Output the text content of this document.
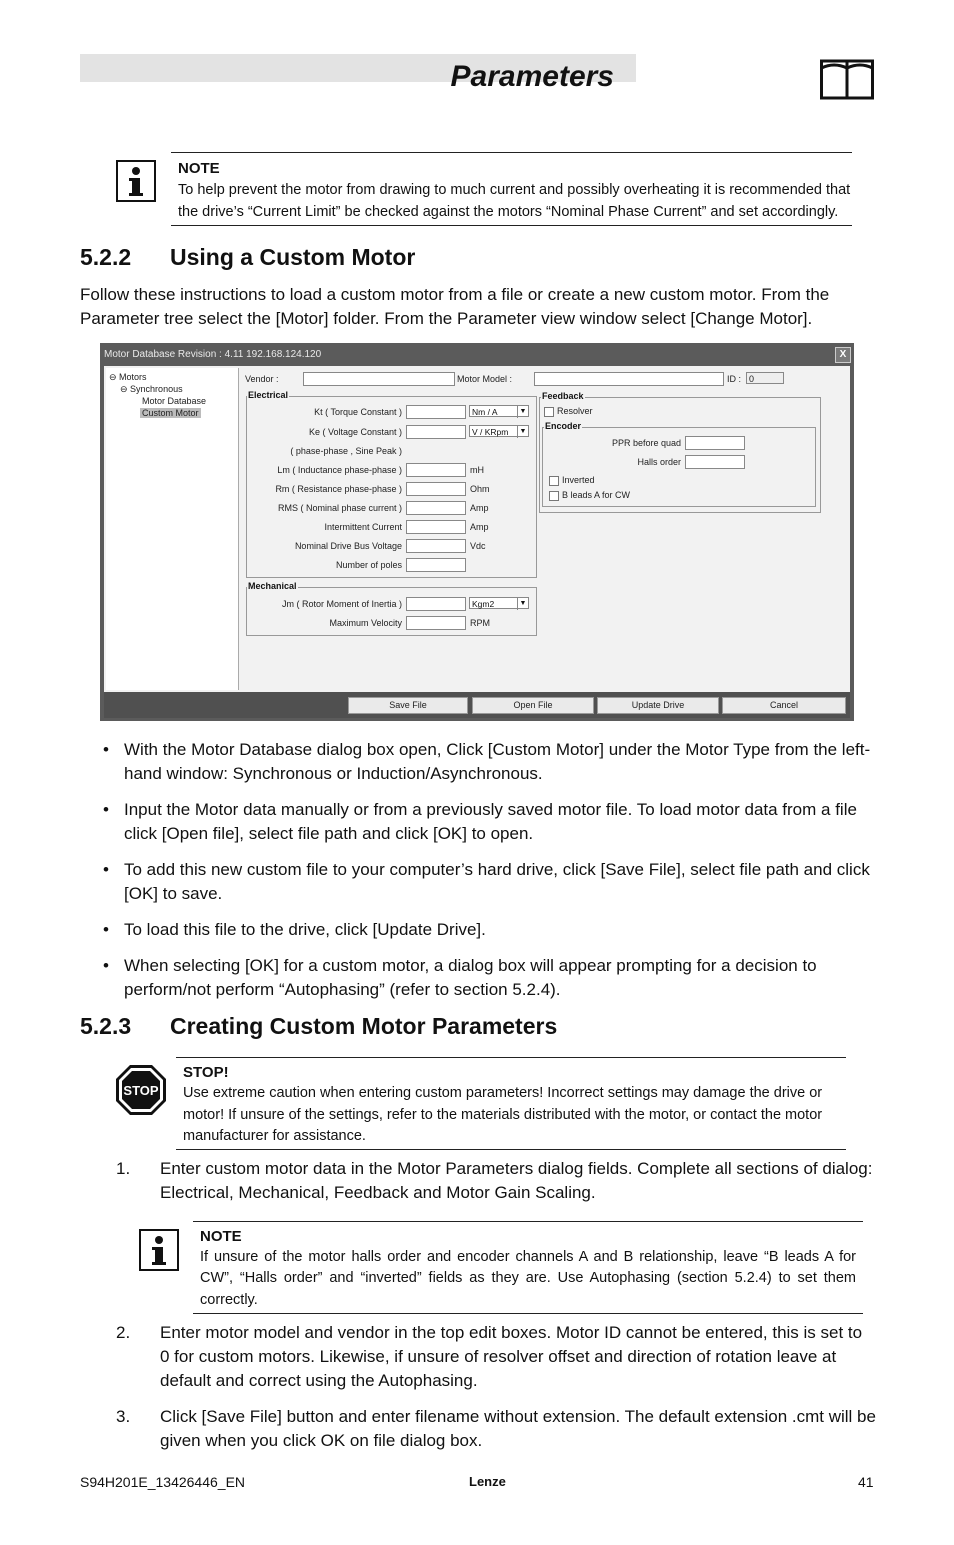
Parameters
NOTE
To help prevent the motor from drawing to much current and possibly overheating it is recommended that
the drive’s “Current Limit” be checked against the motors “Nominal Phase Current” and set accordingly.
5.2.2 Using a Custom Motor
Follow these instructions to load a custom motor from a file or create a new custom motor. From the
Parameter tree select the [Motor] folder. From the Parameter view window select [Change Motor].
Motor Database Revision : 4.11 192.168.124.120	X
⊖ Motors
⊖ Synchronous
Motor Database
Custom Motor
Vendor :	Motor Model :	ID : 0
Electrical
Kt ( Torque Constant )	Nm / A	▼
Ke ( Voltage Constant )	V / KRpm	▼
( phase-phase , Sine Peak )
Lm ( Inductance phase-phase )	mH
Rm ( Resistance phase-phase )	Ohm
RMS ( Nominal phase current )	Amp
Intermittent Current	Amp
Nominal Drive Bus Voltage	Vdc
Number of poles
Mechanical
Jm ( Rotor Moment of Inertia )	Kgm2	▼
Maximum Velocity	RPM
Feedback
Resolver
Encoder
PPR before quad
Halls order
Inverted
B leads A for CW
Save File	Open File	Update Drive	Cancel
• With the Motor Database dialog box open, Click [Custom Motor] under the Motor Type from the left-
hand window: Synchronous or Induction/Asynchronous.
• Input the Motor data manually or from a previously saved motor file. To load motor data from a file
click [Open file], select file path and click [OK] to open.
• To add this new custom file to your computer’s hard drive, click [Save File], select file path and click
[OK] to save.
• To load this file to the drive, click [Update Drive].
• When selecting [OK] for a custom motor, a dialog box will appear prompting for a decision to
perform/not perform “Autophasing” (refer to section 5.2.4).
5.2.3 Creating Custom Motor Parameters
STOP
STOP!
Use extreme caution when entering custom parameters! Incorrect settings may damage the drive or
motor! If unsure of the settings, refer to the materials distributed with the motor, or contact the motor
manufacturer for assistance.
1. Enter custom motor data in the Motor Parameters dialog fields. Complete all sections of dialog:
Electrical, Mechanical, Feedback and Motor Gain Scaling.
NOTE
If unsure of the motor halls order and encoder channels A and B relationship, leave “B leads A for
CW”, “Halls order” and “inverted” fields as they are. Use Autophasing (section 5.2.4) to set them
correctly.
2. Enter motor model and vendor in the top edit boxes. Motor ID cannot be entered, this is set to
0 for custom motors. Likewise, if unsure of resolver offset and direction of rotation leave at
default and correct using the Autophasing.
3. Click [Save File] button and enter filename without extension. The default extension .cmt will be
given when you click OK on file dialog box.
S94H201E_13426446_EN	Lenze	41
